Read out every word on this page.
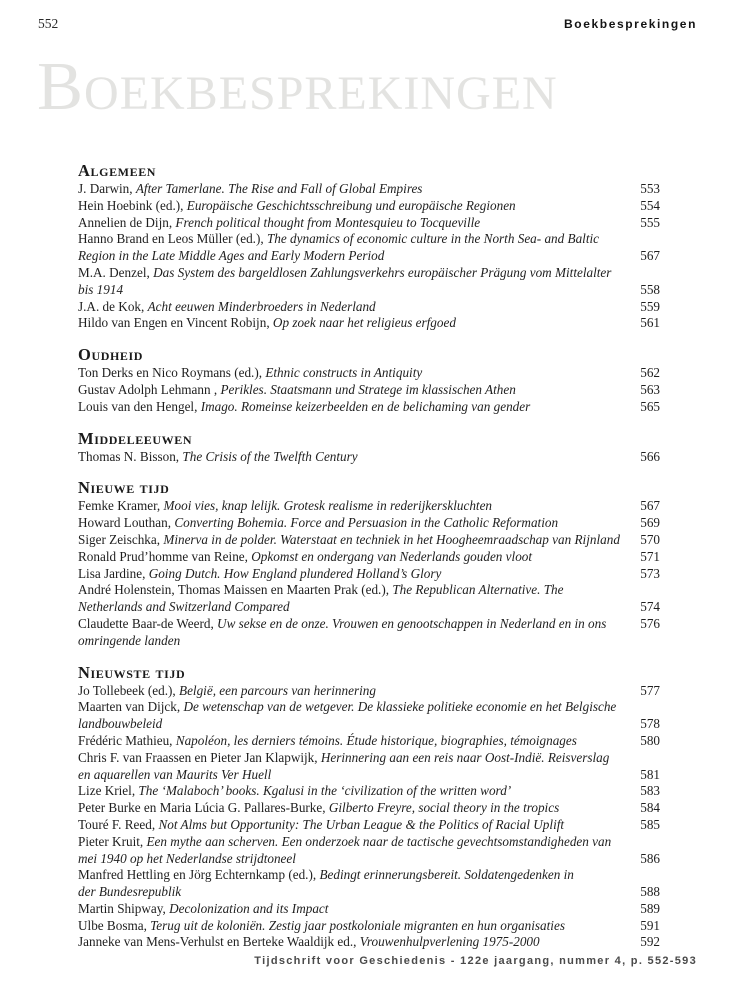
552	Boekbesprekingen
Boekbesprekingen
Algemeen
J. Darwin, After Tamerlane. The Rise and Fall of Global Empires	553
Hein Hoebink (ed.), Europäische Geschichtsschreibung und europäische Regionen	554
Annelien de Dijn, French political thought from Montesquieu to Tocqueville	555
Hanno Brand en Leos Müller (ed.), The dynamics of economic culture in the North Sea- and Baltic
Region in the Late Middle Ages and Early Modern Period	567
M.A. Denzel, Das System des bargeldlosen Zahlungsverkehrs europäischer Prägung vom Mittelalter
bis 1914	558
J.A. de Kok, Acht eeuwen Minderbroeders in Nederland	559
Hildo van Engen en Vincent Robijn, Op zoek naar het religieus erfgoed	561
Oudheid
Ton Derks en Nico Roymans (ed.), Ethnic constructs in Antiquity	562
Gustav Adolph Lehmann , Perikles. Staatsmann und Stratege im klassischen Athen	563
Louis van den Hengel, Imago. Romeinse keizerbeelden en de belichaming van gender	565
Middeleeuwen
Thomas N. Bisson, The Crisis of the Twelfth Century	566
Nieuwe tijd
Femke Kramer, Mooi vies, knap lelijk. Grotesk realisme in rederijkerskluchten	567
Howard Louthan, Converting Bohemia. Force and Persuasion in the Catholic Reformation	569
Siger Zeischka, Minerva in de polder. Waterstaat en techniek in het Hoogheemraadschap van Rijnland	570
Ronald Prud’homme van Reine, Opkomst en ondergang van Nederlands gouden vloot	571
Lisa Jardine, Going Dutch. How England plundered Holland’s Glory	573
André Holenstein, Thomas Maissen en Maarten Prak (ed.), The Republican Alternative. The
Netherlands and Switzerland Compared	574
Claudette Baar-de Weerd, Uw sekse en de onze. Vrouwen en genootschappen in Nederland en in ons	576
omringende landen
Nieuwste tijd
Jo Tollebeek (ed.), België, een parcours van herinnering	577
Maarten van Dijck, De wetenschap van de wetgever. De klassieke politieke economie en het Belgische
landbouwbeleid	578
Frédéric Mathieu, Napoléon, les derniers témoins. Étude historique, biographies, témoignages	580
Chris F. van Fraassen en Pieter Jan Klapwijk, Herinnering aan een reis naar Oost-Indië. Reisverslag
en aquarellen van Maurits Ver Huell	581
Lize Kriel, The ‘Malaboch’ books. Kgalusi in the ‘civilization of the written word’	583
Peter Burke en Maria Lúcia G. Pallares-Burke, Gilberto Freyre, social theory in the tropics	584
Touré F. Reed, Not Alms but Opportunity: The Urban League & the Politics of Racial Uplift	585
Pieter Kruit, Een mythe aan scherven. Een onderzoek naar de tactische gevechtsomstandigheden van
mei 1940 op het Nederlandse strijdtoneel	586
Manfred Hettling en Jörg Echternkamp (ed.), Bedingt erinnerungsbereit. Soldatengedenken in
der Bundesrepublik	588
Martin Shipway, Decolonization and its Impact	589
Ulbe Bosma, Terug uit de koloniën. Zestig jaar postkoloniale migranten en hun organisaties	591
Janneke van Mens-Verhulst en Berteke Waaldijk ed., Vrouwenhulpverlening 1975-2000	592
Tijdschrift voor Geschiedenis - 122e jaargang, nummer 4, p. 552-593
